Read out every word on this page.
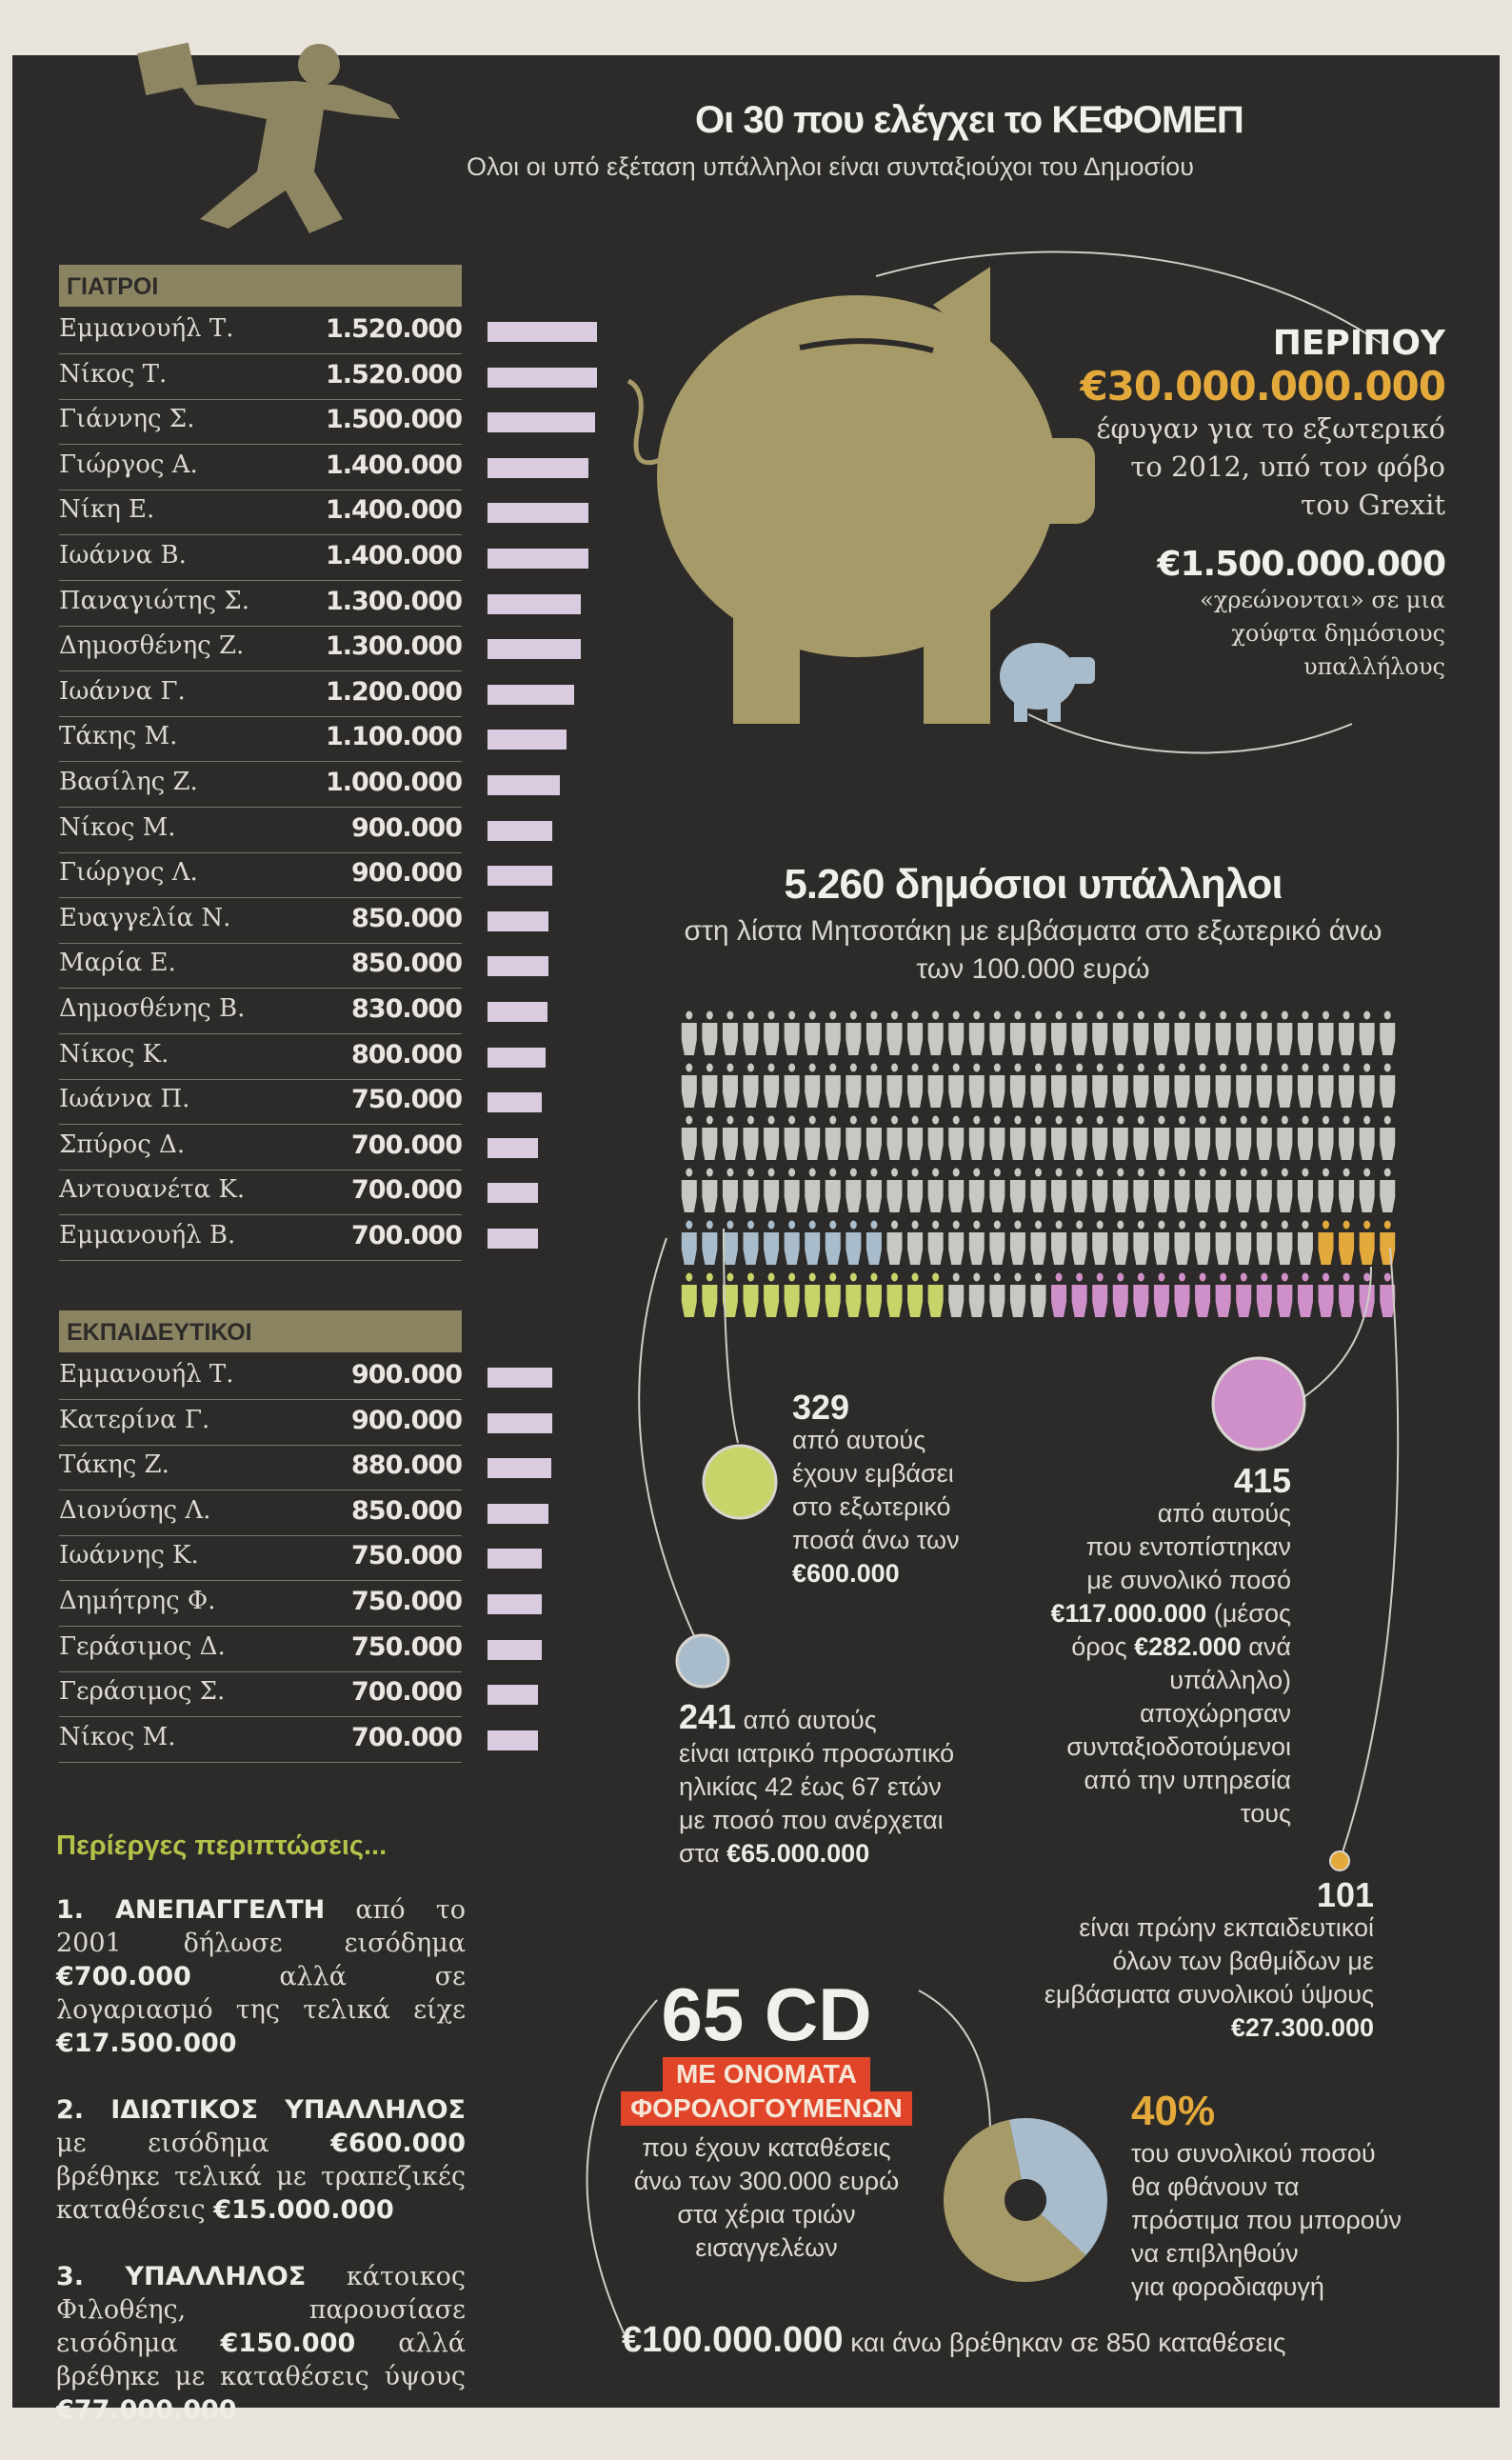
Οι 30 που ελέγχει το ΚΕΦΟΜΕΠ
Ολοι οι υπό εξέταση υπάλληλοι είναι συνταξιούχοι του Δημοσίου
ΓΙΑΤΡΟΙ
Εμμανουήλ Τ.	1.520.000
Νίκος Τ.	1.520.000
Γιάννης Σ.	1.500.000
Γιώργος Α.	1.400.000
Νίκη Ε.	1.400.000
Ιωάννα Β.	1.400.000
Παναγιώτης Σ.	1.300.000
Δημοσθένης Ζ.	1.300.000
Ιωάννα Γ.	1.200.000
Τάκης Μ.	1.100.000
Βασίλης Ζ.	1.000.000
Νίκος Μ.	900.000
Γιώργος Λ.	900.000
Ευαγγελία Ν.	850.000
Μαρία Ε.	850.000
Δημοσθένης Β.	830.000
Νίκος Κ.	800.000
Ιωάννα Π.	750.000
Σπύρος Δ.	700.000
Αντουανέτα Κ.	700.000
Εμμανουήλ Β.	700.000
ΕΚΠΑΙΔΕΥΤΙΚΟΙ
Εμμανουήλ Τ.	900.000
Κατερίνα Γ.	900.000
Τάκης Ζ.	880.000
Διονύσης Λ.	850.000
Ιωάννης Κ.	750.000
Δημήτρης Φ.	750.000
Γεράσιμος Δ.	750.000
Γεράσιμος Σ.	700.000
Νίκος Μ.	700.000
Περίεργες περιπτώσεις...
1. ΑΝΕΠΑΓΓΕΛΤΗ από το 2001 δήλωσε εισόδημα €700.000 αλλά σε λογαριασμό της τελικά είχε €17.500.000
2. ΙΔΙΩΤΙΚΟΣ ΥΠΑΛΛΗΛΟΣ με εισόδημα €600.000 βρέθηκε τελικά με τραπεζικές καταθέσεις €15.000.000
3. ΥΠΑΛΛΗΛΟΣ κάτοικος Φιλοθέης, παρουσίασε εισόδημα €150.000 αλλά βρέθηκε με καταθέσεις ύψους €77.000.000
ΠΕΡΙΠΟΥ
€30.000.000.000
έφυγαν για το εξωτερικό
το 2012, υπό τον φόβο
του Grexit
€1.500.000.000
«χρεώνονται» σε μια
χούφτα δημόσιους
υπαλλήλους
5.260 δημόσιοι υπάλληλοι
στη λίστα Μητσοτάκη με εμβάσματα στο εξωτερικό άνω
των 100.000 ευρώ
329
από αυτούς
έχουν εμβάσει
στο εξωτερικό
ποσά άνω των
€600.000
415
από αυτούς
που εντοπίστηκαν
με συνολικό ποσό
€117.000.000 (μέσος
όρος €282.000 ανά
υπάλληλο)
αποχώρησαν
συνταξιοδοτούμενοι
από την υπηρεσία
τους
241 από αυτούς
είναι ιατρικό προσωπικό
ηλικίας 42 έως 67 ετών
με ποσό που ανέρχεται
στα €65.000.000
101
είναι πρώην εκπαιδευτικοί
όλων των βαθμίδων με
εμβάσματα συνολικού ύψους
€27.300.000
65 CD
ΜΕ ΟΝΟΜΑΤΑ
ΦΟΡΟΛΟΓΟΥΜΕΝΩΝ
που έχουν καταθέσεις
άνω των 300.000 ευρώ
στα χέρια τριών
εισαγγελέων
40%
του συνολικού ποσού
θα φθάνουν τα
πρόστιμα που μπορούν
να επιβληθούν
για φοροδιαφυγή
€100.000.000 και άνω βρέθηκαν σε 850 καταθέσεις
